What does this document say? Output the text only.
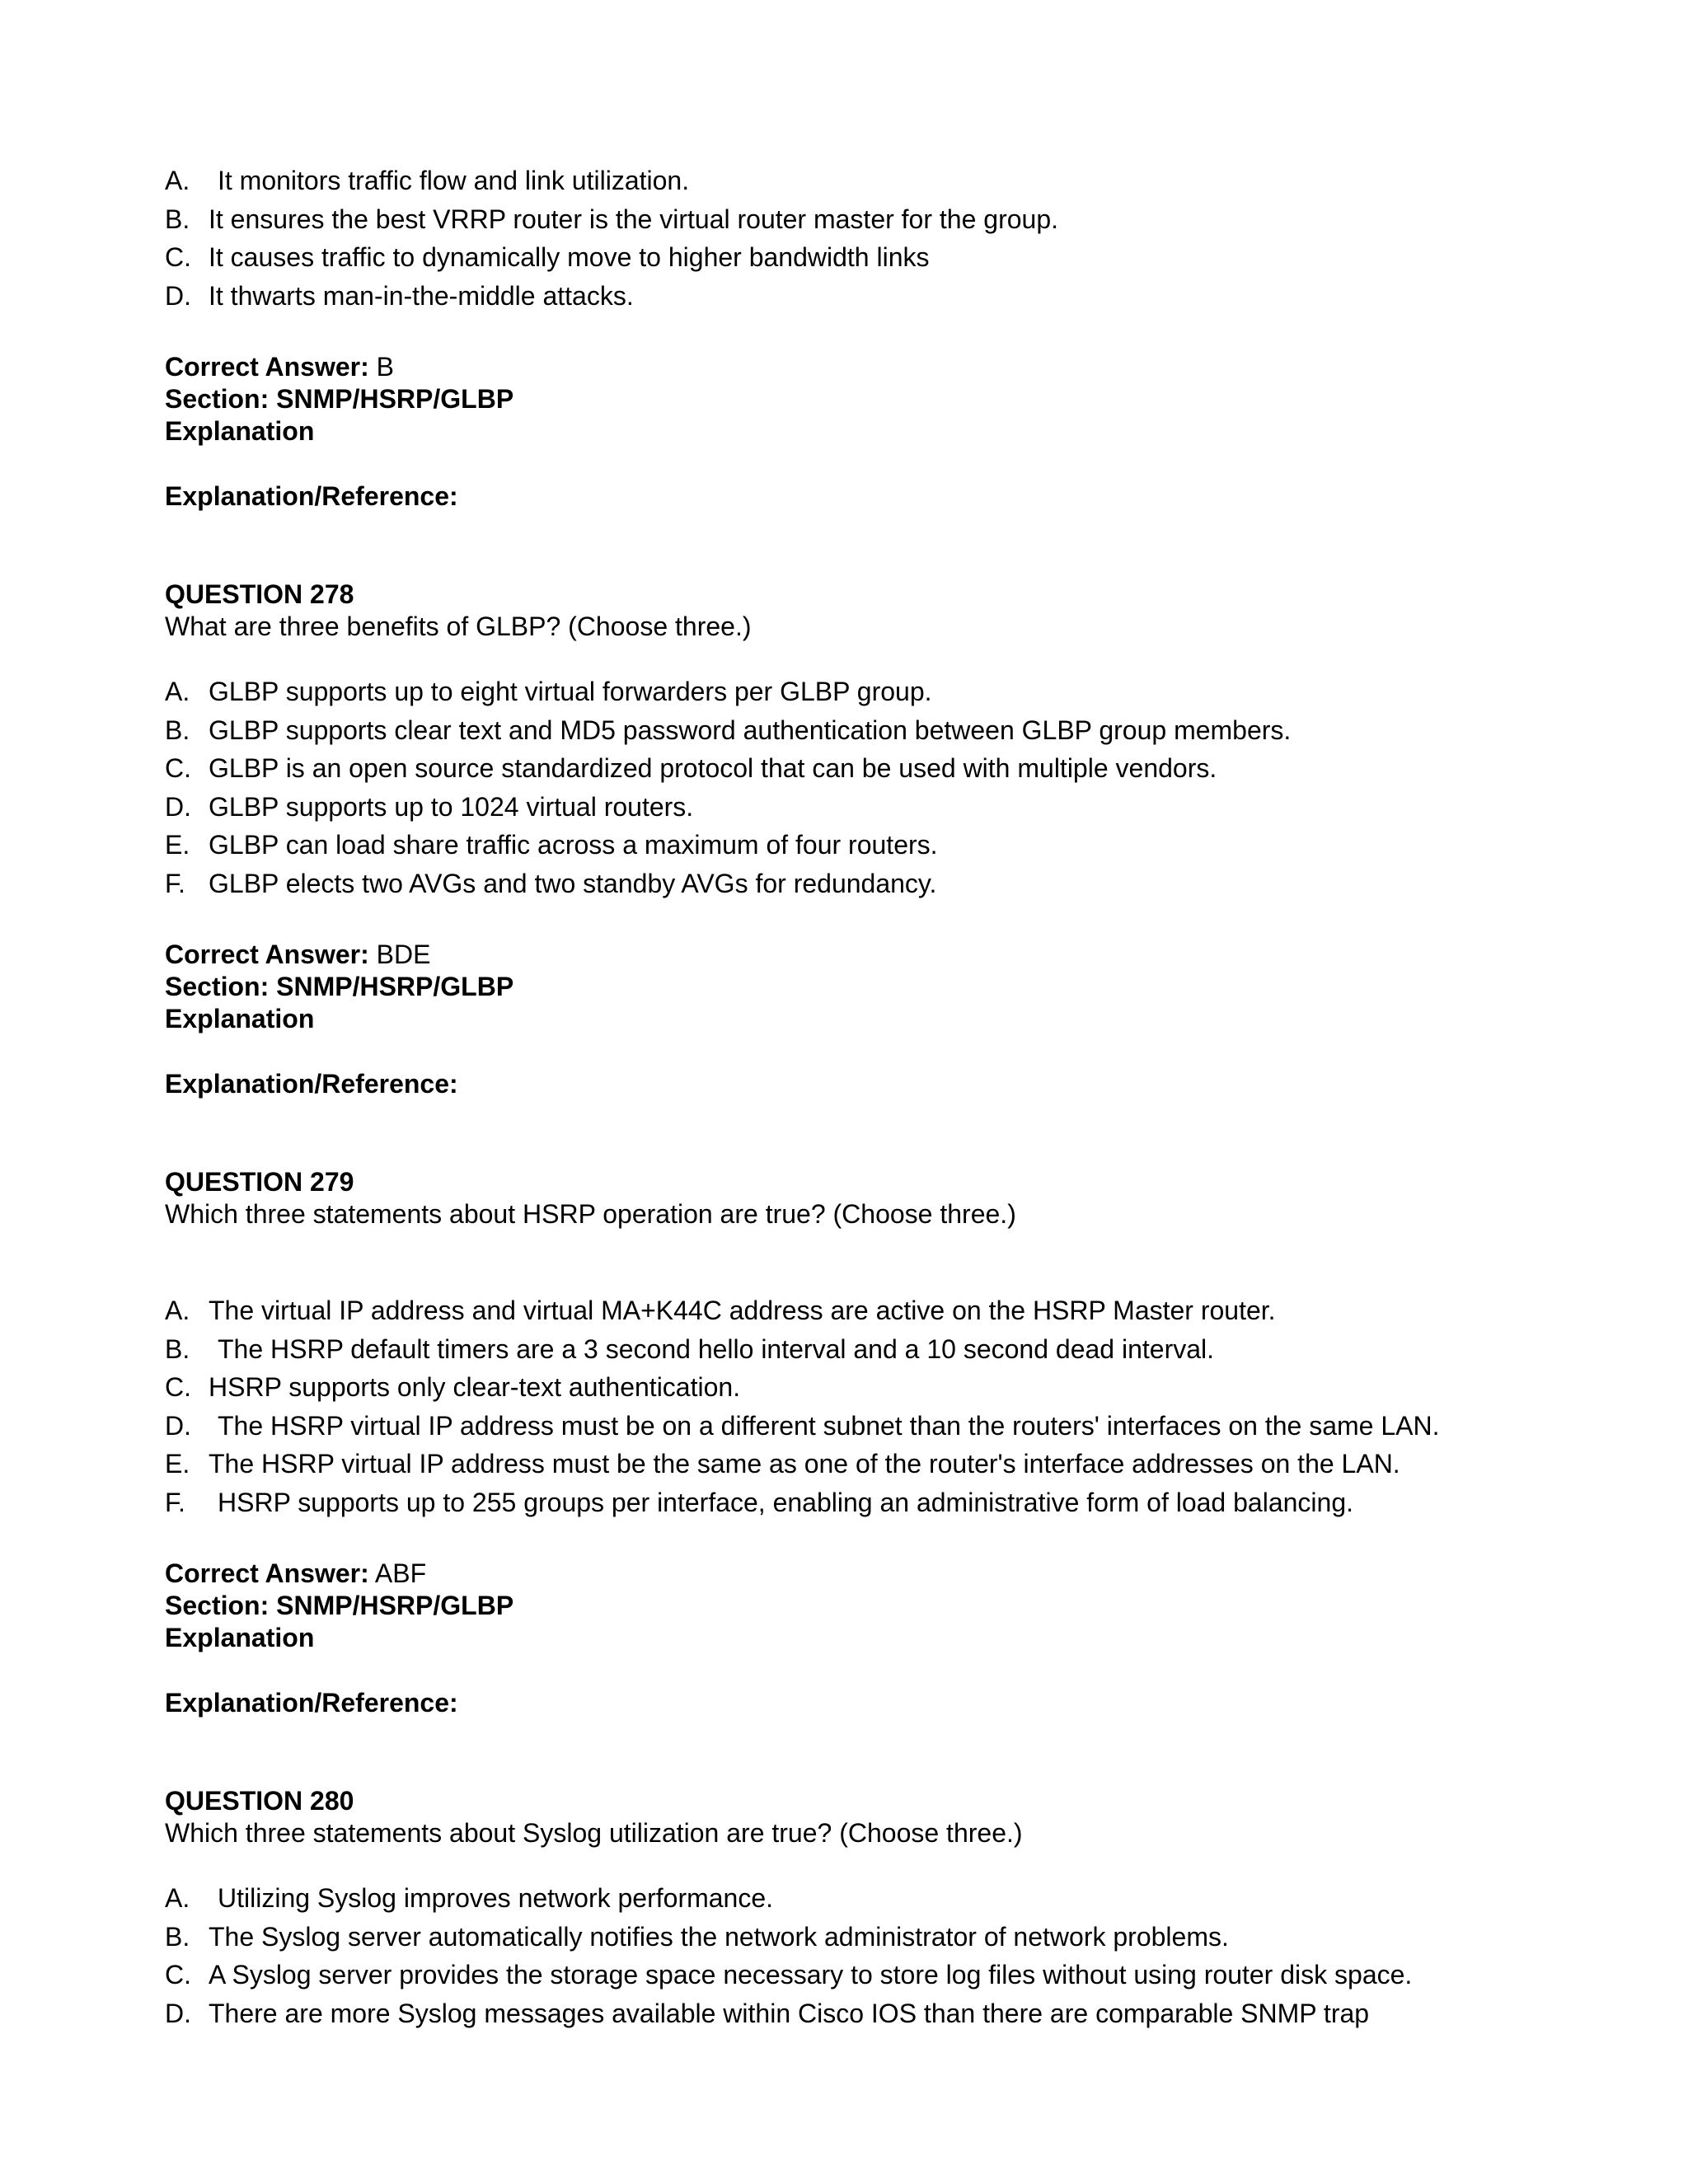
A.	It monitors traffic flow and link utilization.
B. It ensures the best VRRP router is the virtual router master for the group.
C. It causes traffic to dynamically move to higher bandwidth links
D. It thwarts man-in-the-middle attacks.
Correct Answer: B
Section: SNMP/HSRP/GLBP
Explanation
Explanation/Reference:
QUESTION 278
What are three benefits of GLBP? (Choose three.)
A. GLBP supports up to eight virtual forwarders per GLBP group.
B. GLBP supports clear text and MD5 password authentication between GLBP group members.
C. GLBP is an open source standardized protocol that can be used with multiple vendors.
D. GLBP supports up to 1024 virtual routers.
E. GLBP can load share traffic across a maximum of four routers.
F. GLBP elects two AVGs and two standby AVGs for redundancy.
Correct Answer: BDE
Section: SNMP/HSRP/GLBP
Explanation
Explanation/Reference:
QUESTION 279
Which three statements about HSRP operation are true? (Choose three.)
A. The virtual IP address and virtual MA+K44C address are active on the HSRP Master router.
B.	The HSRP default timers are a 3 second hello interval and a 10 second dead interval.
C. HSRP supports only clear-text authentication.
D.	The HSRP virtual IP address must be on a different subnet than the routers' interfaces on the same LAN.
E. The HSRP virtual IP address must be the same as one of the router's interface addresses on the LAN.
F.	HSRP supports up to 255 groups per interface, enabling an administrative form of load balancing.
Correct Answer: ABF
Section: SNMP/HSRP/GLBP
Explanation
Explanation/Reference:
QUESTION 280
Which three statements about Syslog utilization are true? (Choose three.)
A.	Utilizing Syslog improves network performance.
B. The Syslog server automatically notifies the network administrator of network problems.
C. A Syslog server provides the storage space necessary to store log files without using router disk space.
D. There are more Syslog messages available within Cisco IOS than there are comparable SNMP trap
